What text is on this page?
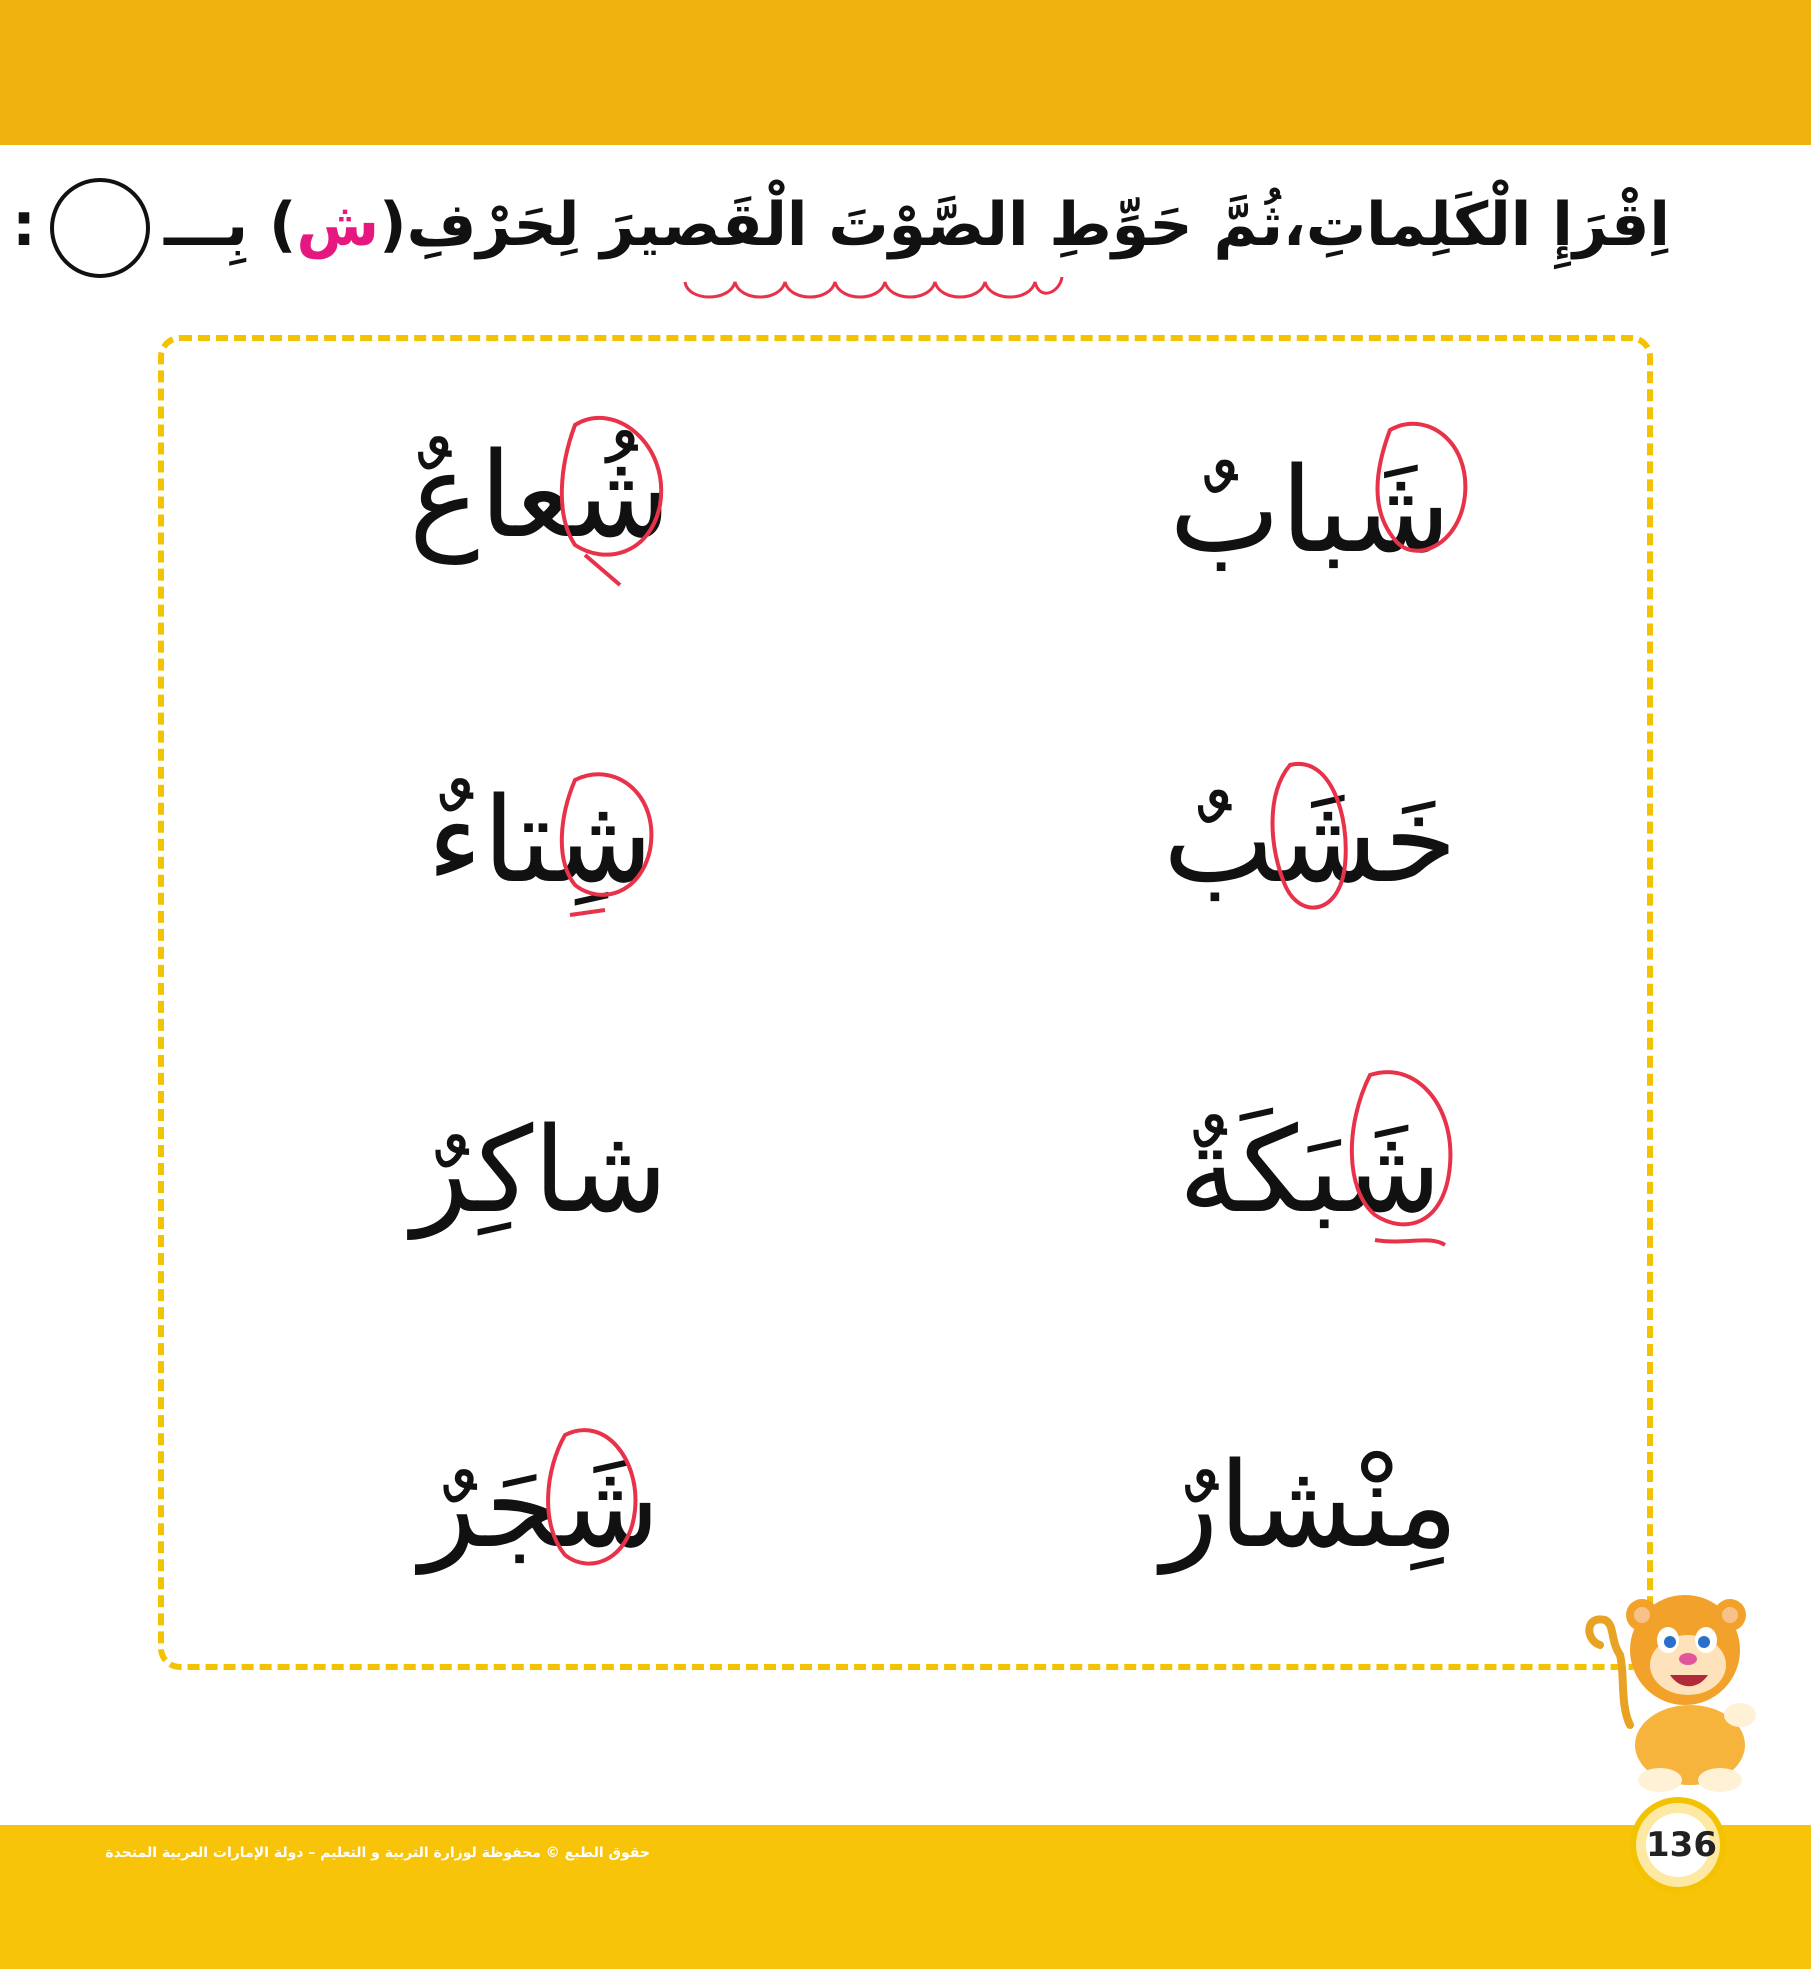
اِقْرَإِ الْكَلِماتِ،ثُمَّ حَوِّطِ الصَّوْتَ الْقَصيرَ لِحَرْفِ(ش) بِـــ:
شَبابٌ
شُعاعٌ
خَشَبٌ
شِتاءٌ
شَبَكَةٌ
شاكِرٌ
مِنْشارٌ
شَجَرٌ
حقوق الطبع © محفوظة لوزارة التربية و التعليم – دولة الإمارات العربية المتحدة	136
